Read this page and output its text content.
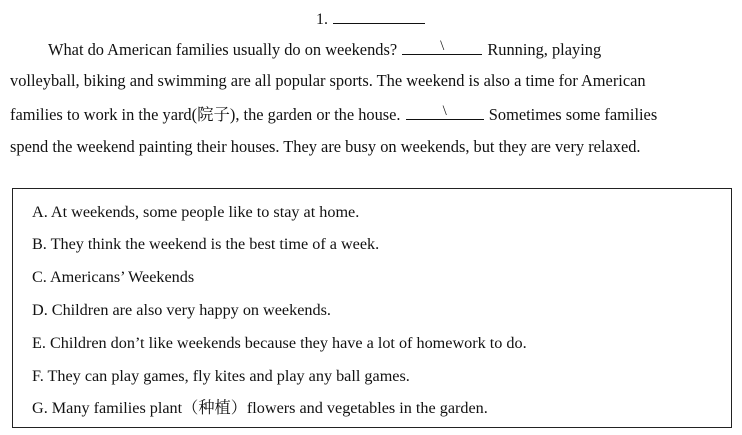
1.
What do American families usually do on weekends?	\	Running, playing
volleyball, biking and swimming are all popular sports. The weekend is also a time for American
families to work in the yard(院子), the garden or the house.	\	Sometimes some families
spend the weekend painting their houses. They are busy on weekends, but they are very relaxed.
A. At weekends, some people like to stay at home.
B. They think the weekend is the best time of a week.
C. Americans’ Weekends
D. Children are also very happy on weekends.
E. Children don’t like weekends because they have a lot of homework to do.
F. They can play games, fly kites and play any ball games.
G. Many families plant（种植）flowers and vegetables in the garden.
